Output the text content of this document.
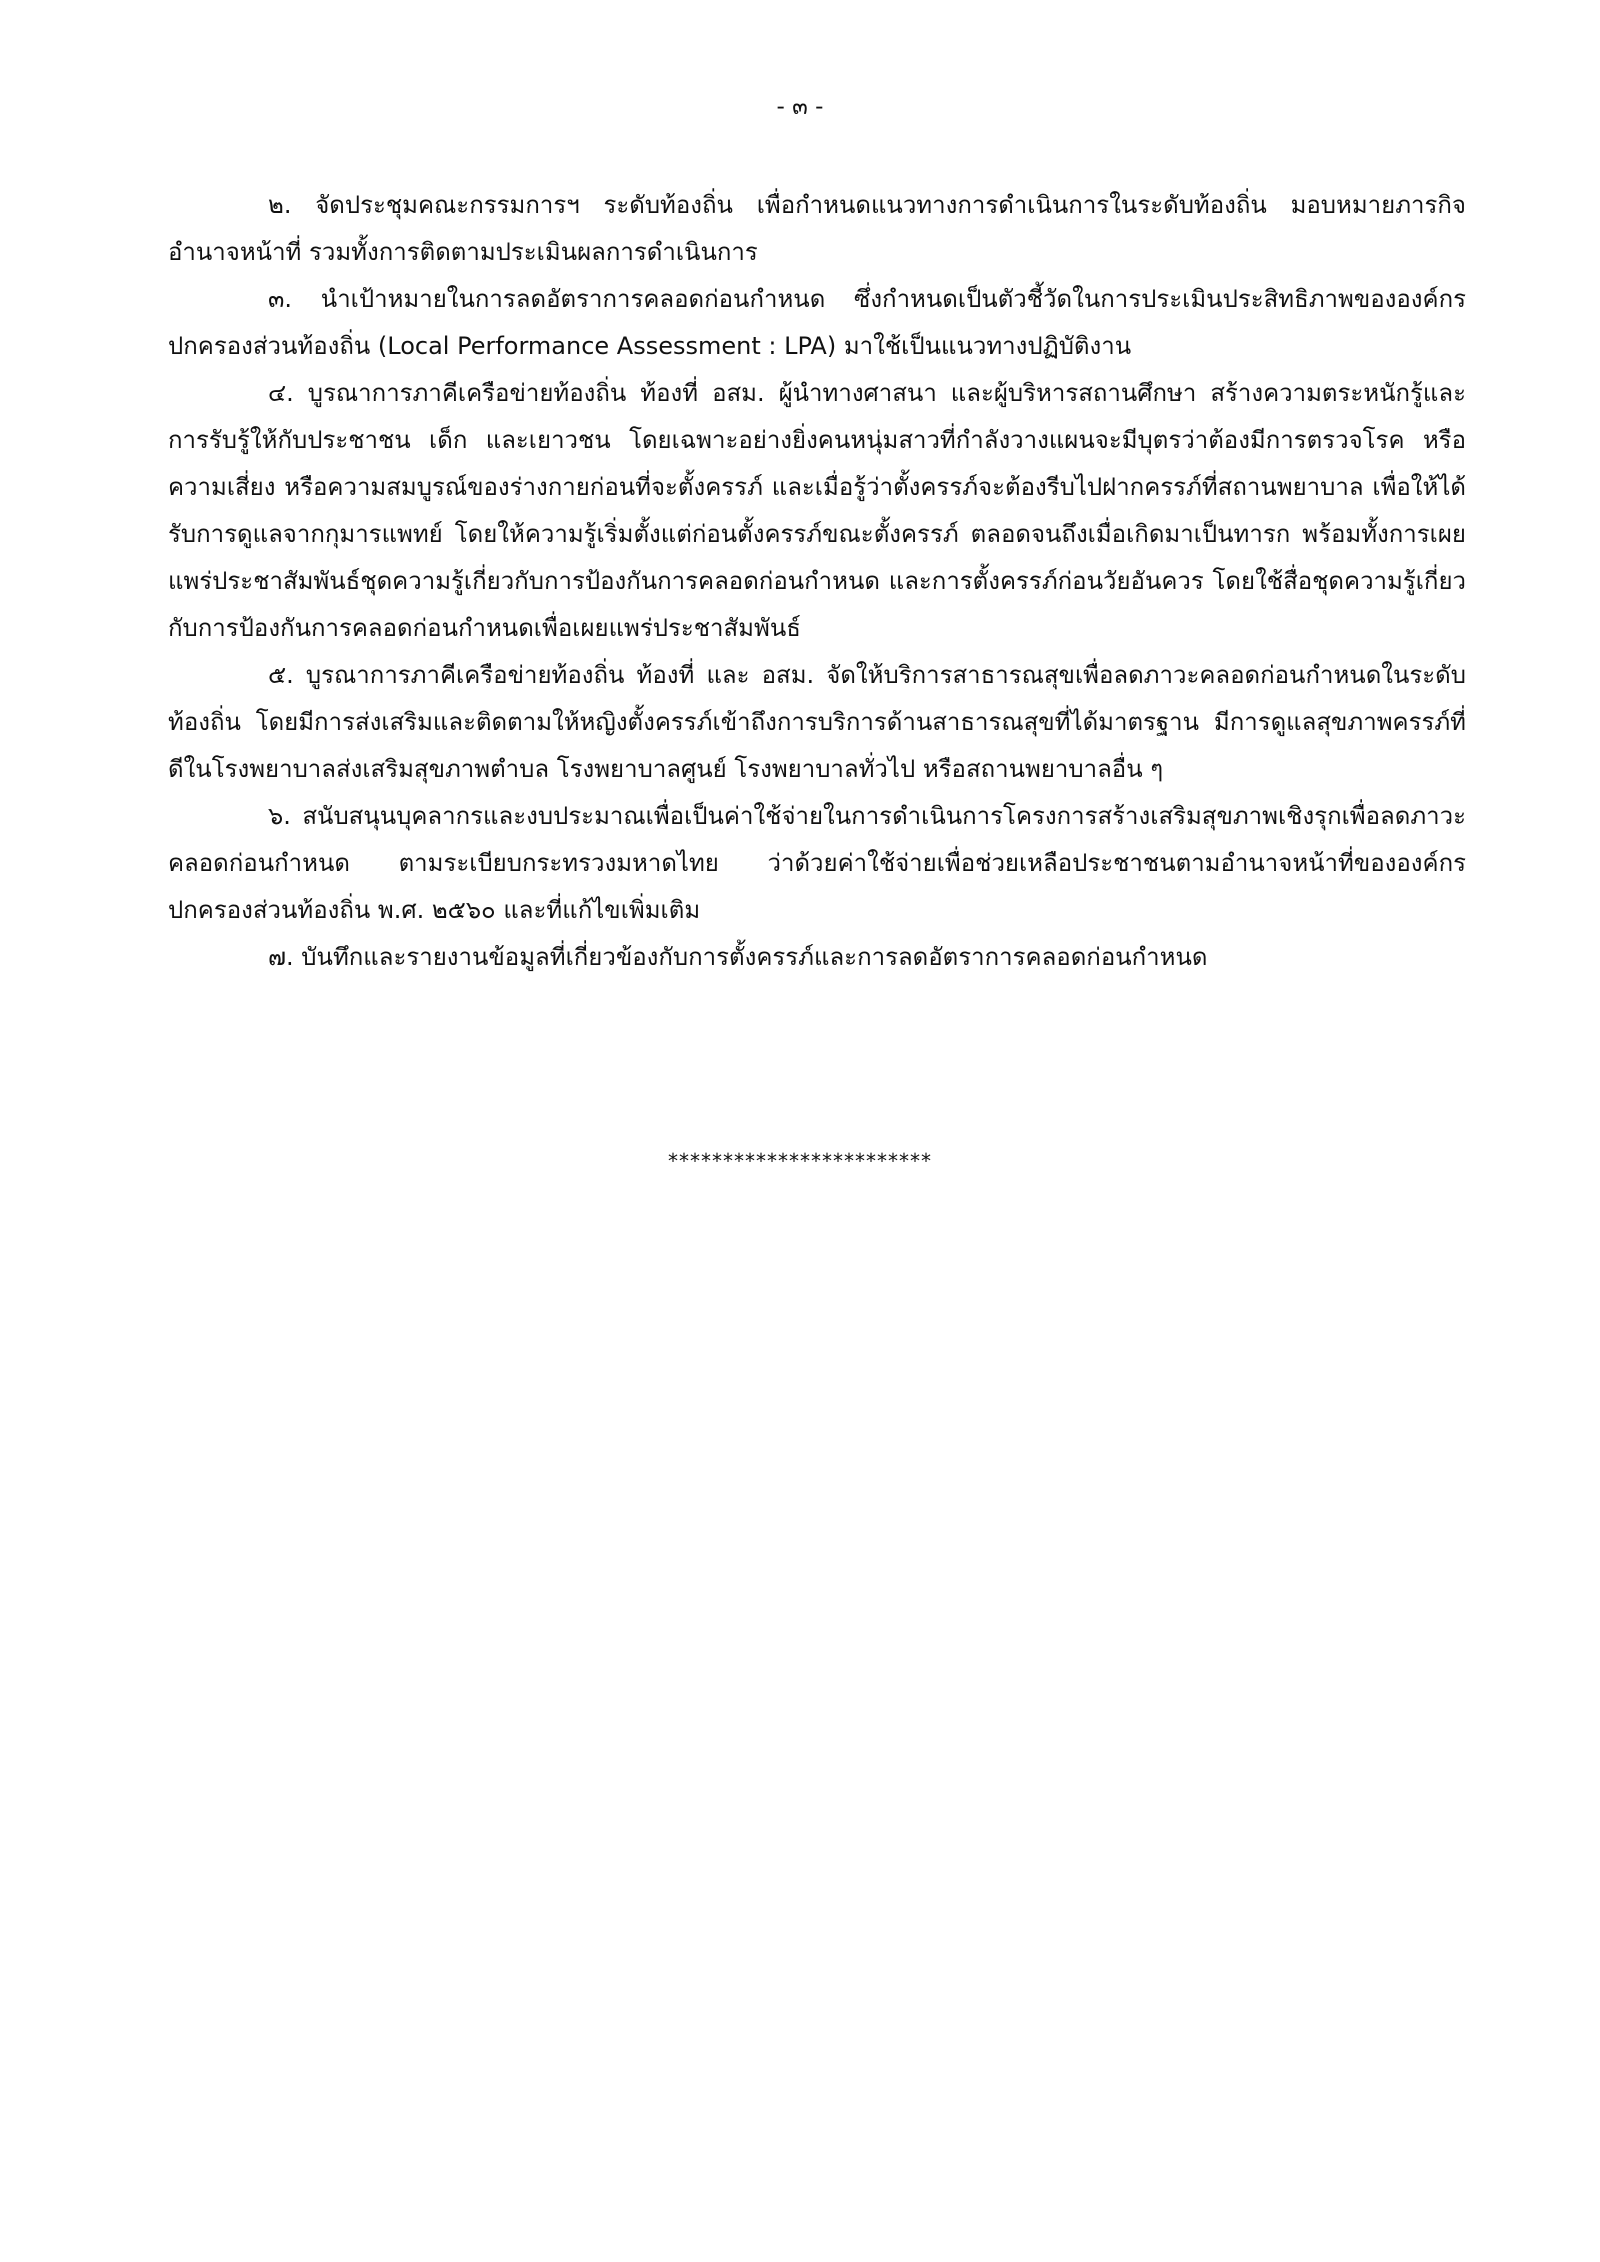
- ๓ -

๒. จัดประชุมคณะกรรมการฯ ระดับท้องถิ่น เพื่อกำหนดแนวทางการดำเนินการในระดับท้องถิ่น มอบหมายภารกิจ อำนาจหน้าที่ รวมทั้งการติดตามประเมินผลการดำเนินการ

๓. นำเป้าหมายในการลดอัตราการคลอดก่อนกำหนด ซึ่งกำหนดเป็นตัวชี้วัดในการประเมินประสิทธิภาพขององค์กรปกครองส่วนท้องถิ่น (Local Performance Assessment : LPA) มาใช้เป็นแนวทางปฏิบัติงาน

๔. บูรณาการภาคีเครือข่ายท้องถิ่น ท้องที่ อสม. ผู้นำทางศาสนา และผู้บริหารสถานศึกษา สร้างความตระหนักรู้และการรับรู้ให้กับประชาชน เด็ก และเยาวชน โดยเฉพาะอย่างยิ่งคนหนุ่มสาวที่กำลังวางแผนจะมีบุตรว่าต้องมีการตรวจโรค หรือความเสี่ยง หรือความสมบูรณ์ของร่างกายก่อนที่จะตั้งครรภ์ และเมื่อรู้ว่าตั้งครรภ์จะต้องรีบไปฝากครรภ์ที่สถานพยาบาล เพื่อให้ได้รับการดูแลจากกุมารแพทย์ โดยให้ความรู้เริ่มตั้งแต่ก่อนตั้งครรภ์ขณะตั้งครรภ์ ตลอดจนถึงเมื่อเกิดมาเป็นทารก พร้อมทั้งการเผยแพร่ประชาสัมพันธ์ชุดความรู้เกี่ยวกับการป้องกันการคลอดก่อนกำหนด และการตั้งครรภ์ก่อนวัยอันควร โดยใช้สื่อชุดความรู้เกี่ยวกับการป้องกันการคลอดก่อนกำหนดเพื่อเผยแพร่ประชาสัมพันธ์

๕. บูรณาการภาคีเครือข่ายท้องถิ่น ท้องที่ และ อสม. จัดให้บริการสาธารณสุขเพื่อลดภาวะคลอดก่อนกำหนดในระดับท้องถิ่น โดยมีการส่งเสริมและติดตามให้หญิงตั้งครรภ์เข้าถึงการบริการด้านสาธารณสุขที่ได้มาตรฐาน มีการดูแลสุขภาพครรภ์ที่ดีในโรงพยาบาลส่งเสริมสุขภาพตำบล โรงพยาบาลศูนย์ โรงพยาบาลทั่วไป หรือสถานพยาบาลอื่น ๆ

๖. สนับสนุนบุคลากรและงบประมาณเพื่อเป็นค่าใช้จ่ายในการดำเนินการโครงการสร้างเสริมสุขภาพเชิงรุกเพื่อลดภาวะคลอดก่อนกำหนด ตามระเบียบกระทรวงมหาดไทย ว่าด้วยค่าใช้จ่ายเพื่อช่วยเหลือประชาชนตามอำนาจหน้าที่ขององค์กรปกครองส่วนท้องถิ่น พ.ศ. ๒๕๖๐ และที่แก้ไขเพิ่มเติม

๗. บันทึกและรายงานข้อมูลที่เกี่ยวข้องกับการตั้งครรภ์และการลดอัตราการคลอดก่อนกำหนด

************************
